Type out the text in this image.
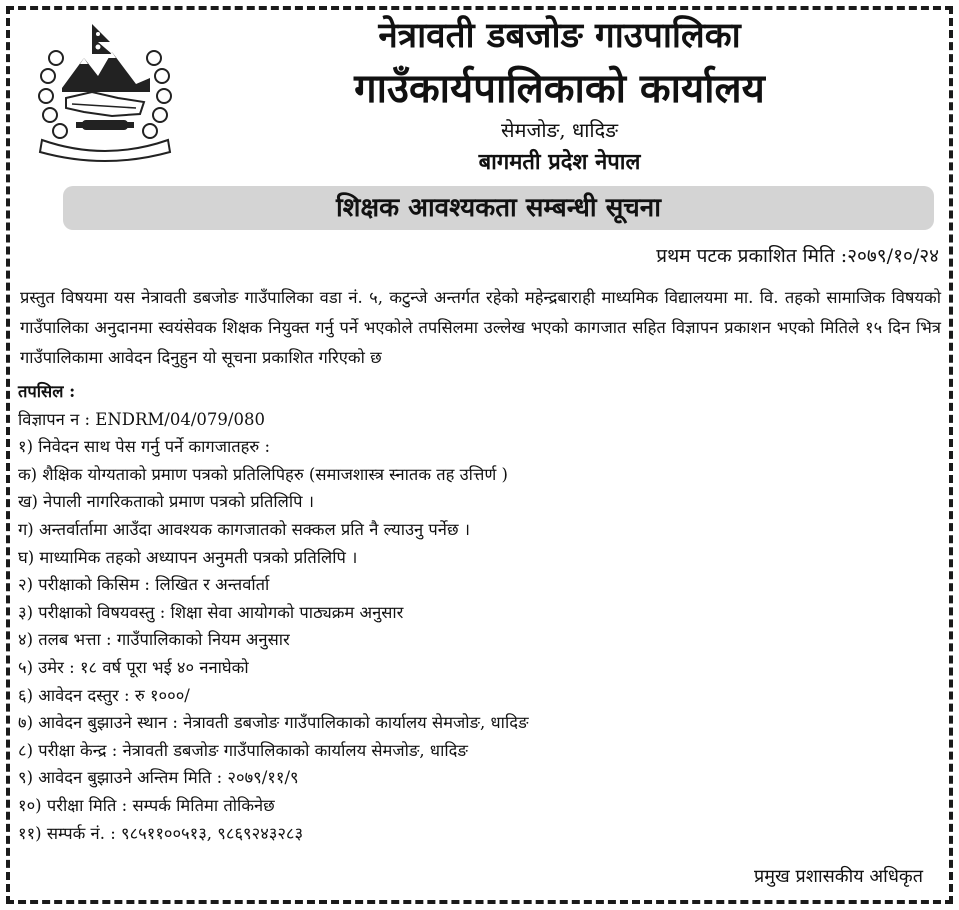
नेत्रावती डबजोङ गाउपालिका
गाउँकार्यपालिकाको कार्यालय
सेमजोङ, धादिङ
बागमती प्रदेश नेपाल
शिक्षक आवश्यकता सम्बन्धी सूचना
प्रथम पटक प्रकाशित मिति :२०७९/१०/२४
प्रस्तुत विषयमा यस नेत्रावती डबजोङ गाउँपालिका वडा नं. ५, कटुन्जे अन्तर्गत रहेको महेन्द्रबाराही माध्यमिक विद्यालयमा मा. वि. तहको सामाजिक विषयको गाउँपालिका अनुदानमा स्वयंसेवक शिक्षक नियुक्त गर्नु पर्ने भएकोले तपसिलमा उल्लेख भएको कागजात सहित विज्ञापन प्रकाशन भएको मितिले १५ दिन भित्र गाउँपालिकामा आवेदन दिनुहुन यो सूचना प्रकाशित गरिएको छ
तपसिल :
विज्ञापन न : ENDRM/04/079/080
१) निवेदन साथ पेस गर्नु पर्ने कागजातहरु :
क) शैक्षिक योग्यताको प्रमाण पत्रको प्रतिलिपिहरु (समाजशास्त्र स्नातक तह उत्तिर्ण )
ख) नेपाली नागरिकताको प्रमाण पत्रको प्रतिलिपि ।
ग) अन्तर्वार्तामा आउँदा आवश्यक कागजातको सक्कल प्रति नै ल्याउनु पर्नेछ ।
घ) माध्यामिक तहको अध्यापन अनुमती पत्रको प्रतिलिपि ।
२) परीक्षाको किसिम : लिखित र अन्तर्वार्ता
३) परीक्षाको विषयवस्तु : शिक्षा सेवा आयोगको पाठ्यक्रम अनुसार
४) तलब भत्ता : गाउँपालिकाको नियम अनुसार
५) उमेर : १८ वर्ष पूरा भई ४० ननाघेको
६) आवेदन दस्तुर : रु १०००/
७) आवेदन बुझाउने स्थान : नेत्रावती डबजोङ गाउँपालिकाको कार्यालय सेमजोङ, धादिङ
८) परीक्षा केन्द्र : नेत्रावती डबजोङ गाउँपालिकाको कार्यालय सेमजोङ, धादिङ
९) आवेदन बुझाउने अन्तिम मिति : २०७९/११/९
१०) परीक्षा मिति : सम्पर्क मितिमा तोकिनेछ
११) सम्पर्क नं. : ९८५११००५१३, ९८६९२४३२८३
प्रमुख प्रशासकीय अधिकृत
